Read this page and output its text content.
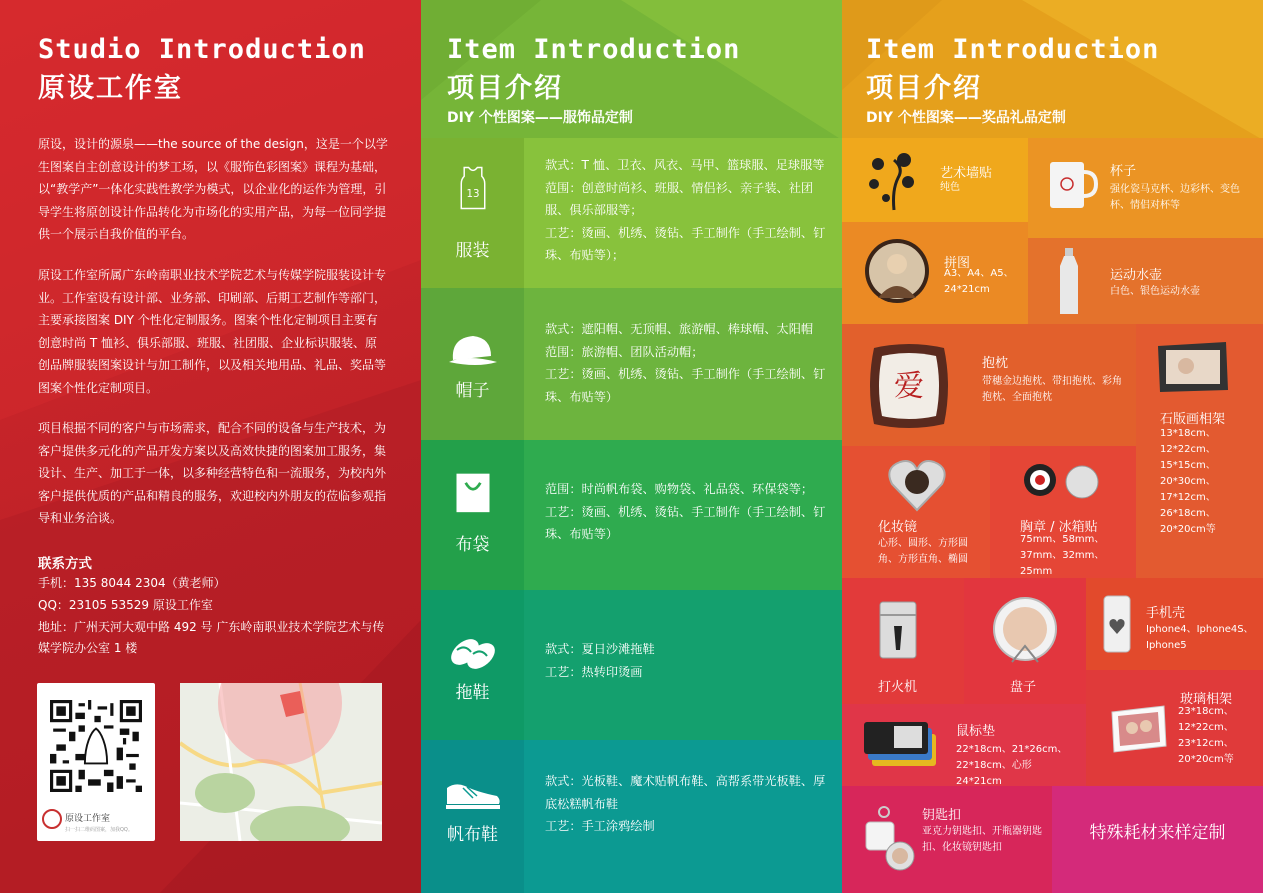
Studio Introduction
原设工作室
原设，设计的源泉——the source of the design，这是一个以学生图案自主创意设计的梦工场，以《服饰色彩图案》课程为基础，以“教学产”一体化实践性教学为模式，以企业化的运作为管理，引导学生将原创设计作品转化为市场化的实用产品，为每一位同学提供一个展示自我价值的平台。
原设工作室所属广东岭南职业技术学院艺术与传媒学院服装设计专业。工作室设有设计部、业务部、印刷部、后期工艺制作等部门，主要承接图案 DIY 个性化定制服务。图案个性化定制项目主要有创意时尚 T 恤衫、俱乐部服、班服、社团服、企业标识服装、原创品牌服装图案设计与加工制作，以及相关地用品、礼品、奖品等图案个性化定制项目。
项目根据不同的客户与市场需求，配合不同的设备与生产技术，为客户提供多元化的产品开发方案以及高效快捷的图案加工服务，集设计、生产、加工于一体，以多种经营特色和一流服务，为校内外客户提供优质的产品和精良的服务，欢迎校内外朋友的莅临参观指导和业务洽谈。
联系方式
手机：135 8044 2304（黄老师）
QQ：23105 53529 原设工作室
地址：广州天河大观中路 492 号 广东岭南职业技术学院艺术与传媒学院办公室 1 楼
原设工作室
扫一扫二维码图案，加我QQ。
Item Introduction
项目介绍
DIY 个性图案——服饰品定制
13
服装
款式：T 恤、卫衣、风衣、马甲、篮球服、足球服等
范围：创意时尚衫、班服、情侣衫、亲子装、社团服、俱乐部服等；
工艺：烫画、机绣、烫钻、手工制作（手工绘制、钉珠、布贴等）；
帽子
款式：遮阳帽、无顶帽、旅游帽、棒球帽、太阳帽
范围：旅游帽、团队活动帽；
工艺：烫画、机绣、烫钻、手工制作（手工绘制、钉珠、布贴等）
布袋
范围：时尚帆布袋、购物袋、礼品袋、环保袋等；
工艺：烫画、机绣、烫钻、手工制作（手工绘制、钉珠、布贴等）
拖鞋
款式：夏日沙滩拖鞋
工艺：热转印烫画
帆布鞋
款式：光板鞋、魔术贴帆布鞋、高帮系带光板鞋、厚底松糕帆布鞋
工艺：手工涂鸦绘制
Item Introduction
项目介绍
DIY 个性图案——奖品礼品定制
艺术墙贴
纯色
杯子
强化瓷马克杯、边彩杯、变色杯、情侣对杯等
拼图
A3、A4、A5、24*21cm
运动水壶
白色、银色运动水壶
爱
抱枕
带穗金边抱枕、带扣抱枕、彩角抱枕、全面抱枕
石版画相架
13*18cm、12*22cm、15*15cm、20*30cm、17*12cm、26*18cm、20*20cm等
化妆镜
心形、圆形、方形圆角、方形直角、椭圆
胸章 / 冰箱贴
75mm、58mm、37mm、32mm、25mm
打火机	盘子
手机壳
Iphone4、Iphone4S、Iphone5
鼠标垫
22*18cm、21*26cm、22*18cm、心形 24*21cm
玻璃相架
23*18cm、12*22cm、23*12cm、20*20cm等
钥匙扣
亚克力钥匙扣、开瓶器钥匙扣、化妆镜钥匙扣
特殊耗材来样定制
